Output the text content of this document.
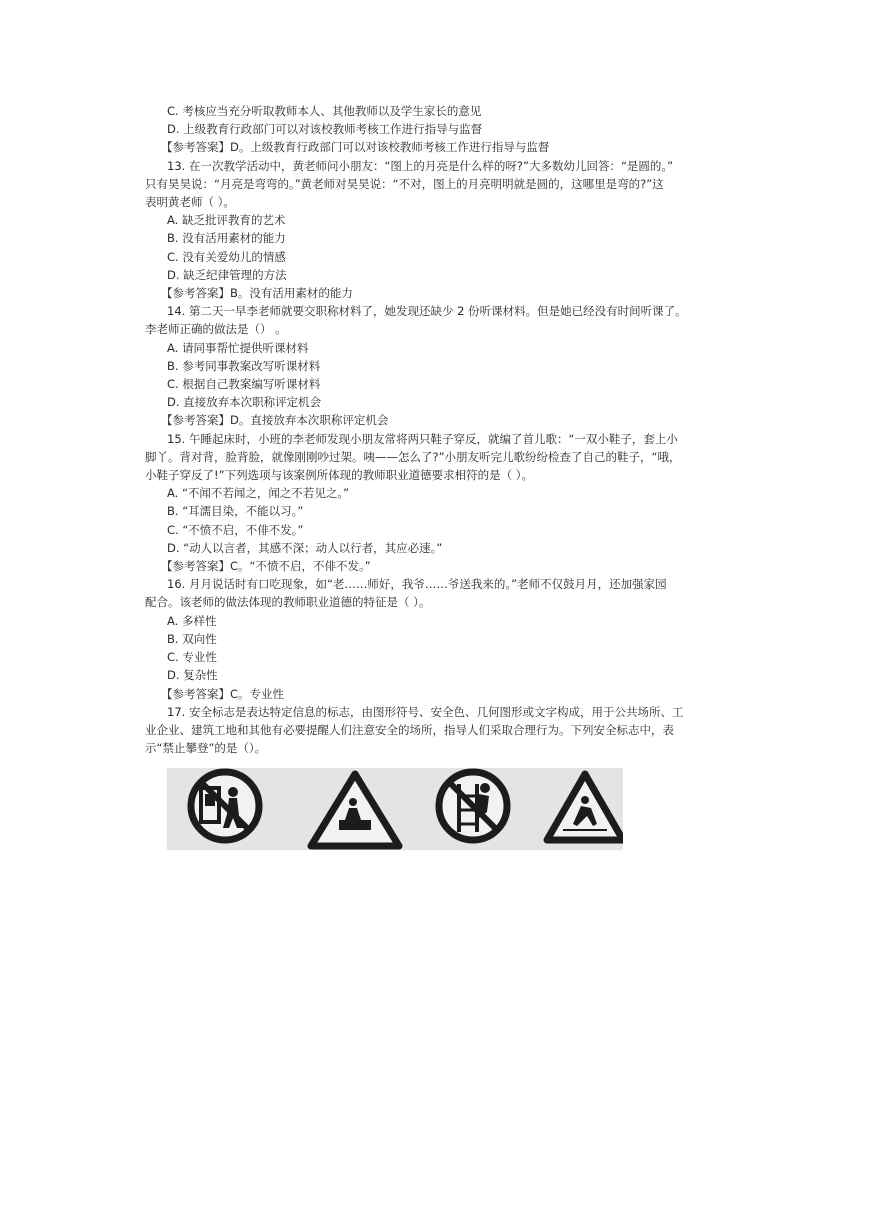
C. 考核应当充分听取教师本人、其他教师以及学生家长的意见
D. 上级教育行政部门可以对该校教师考核工作进行指导与监督
【参考答案】D。上级教育行政部门可以对该校教师考核工作进行指导与监督
13. 在一次教学活动中，黄老师问小朋友：“图上的月亮是什么样的呀?”大多数幼儿回答：“是圆的。”
只有昊昊说：“月亮是弯弯的。”黄老师对昊昊说：“不对，图上的月亮明明就是圆的，这哪里是弯的?”这
表明黄老师（ ）。
A. 缺乏批评教育的艺术
B. 没有活用素材的能力
C. 没有关爱幼儿的情感
D. 缺乏纪律管理的方法
【参考答案】B。没有活用素材的能力
14. 第二天一早李老师就要交职称材料了，她发现还缺少 2 份听课材料。但是她已经没有时间听课了。
李老师正确的做法是（） 。
A. 请同事帮忙提供听课材料
B. 参考同事教案改写听课材料
C. 根据自己教案编写听课材料
D. 直接放弃本次职称评定机会
【参考答案】D。直接放弃本次职称评定机会
15. 午睡起床时，小班的李老师发现小朋友常将两只鞋子穿反，就编了首儿歌：“一双小鞋子，套上小
脚丫。背对背，脸背脸，就像刚刚吵过架。咦——怎么了?”小朋友听完儿歌纷纷检查了自己的鞋子，“哦，
小鞋子穿反了!”下列选项与该案例所体现的教师职业道德要求相符的是（ ）。
A. “不闻不若闻之，闻之不若见之。”
B. “耳濡目染，不能以习。”
C. “不愤不启，不俳不发。”
D. “动人以言者，其感不深；动人以行者，其应必速。”
【参考答案】C。“不愤不启，不俳不发。”
16. 月月说话时有口吃现象，如“老……师好，我爷……爷送我来的。”老师不仅鼓月月，还加强家园
配合。该老师的做法体现的教师职业道德的特征是（ ）。
A. 多样性
B. 双向性
C. 专业性
D. 复杂性
【参考答案】C。专业性
17. 安全标志是表达特定信息的标志，由图形符号、安全色、几何图形或文字构成，用于公共场所、工
业企业、建筑工地和其他有必要提醒人们注意安全的场所，指导人们采取合理行为。下列安全标志中，表
示“禁止攀登”的是（）。
